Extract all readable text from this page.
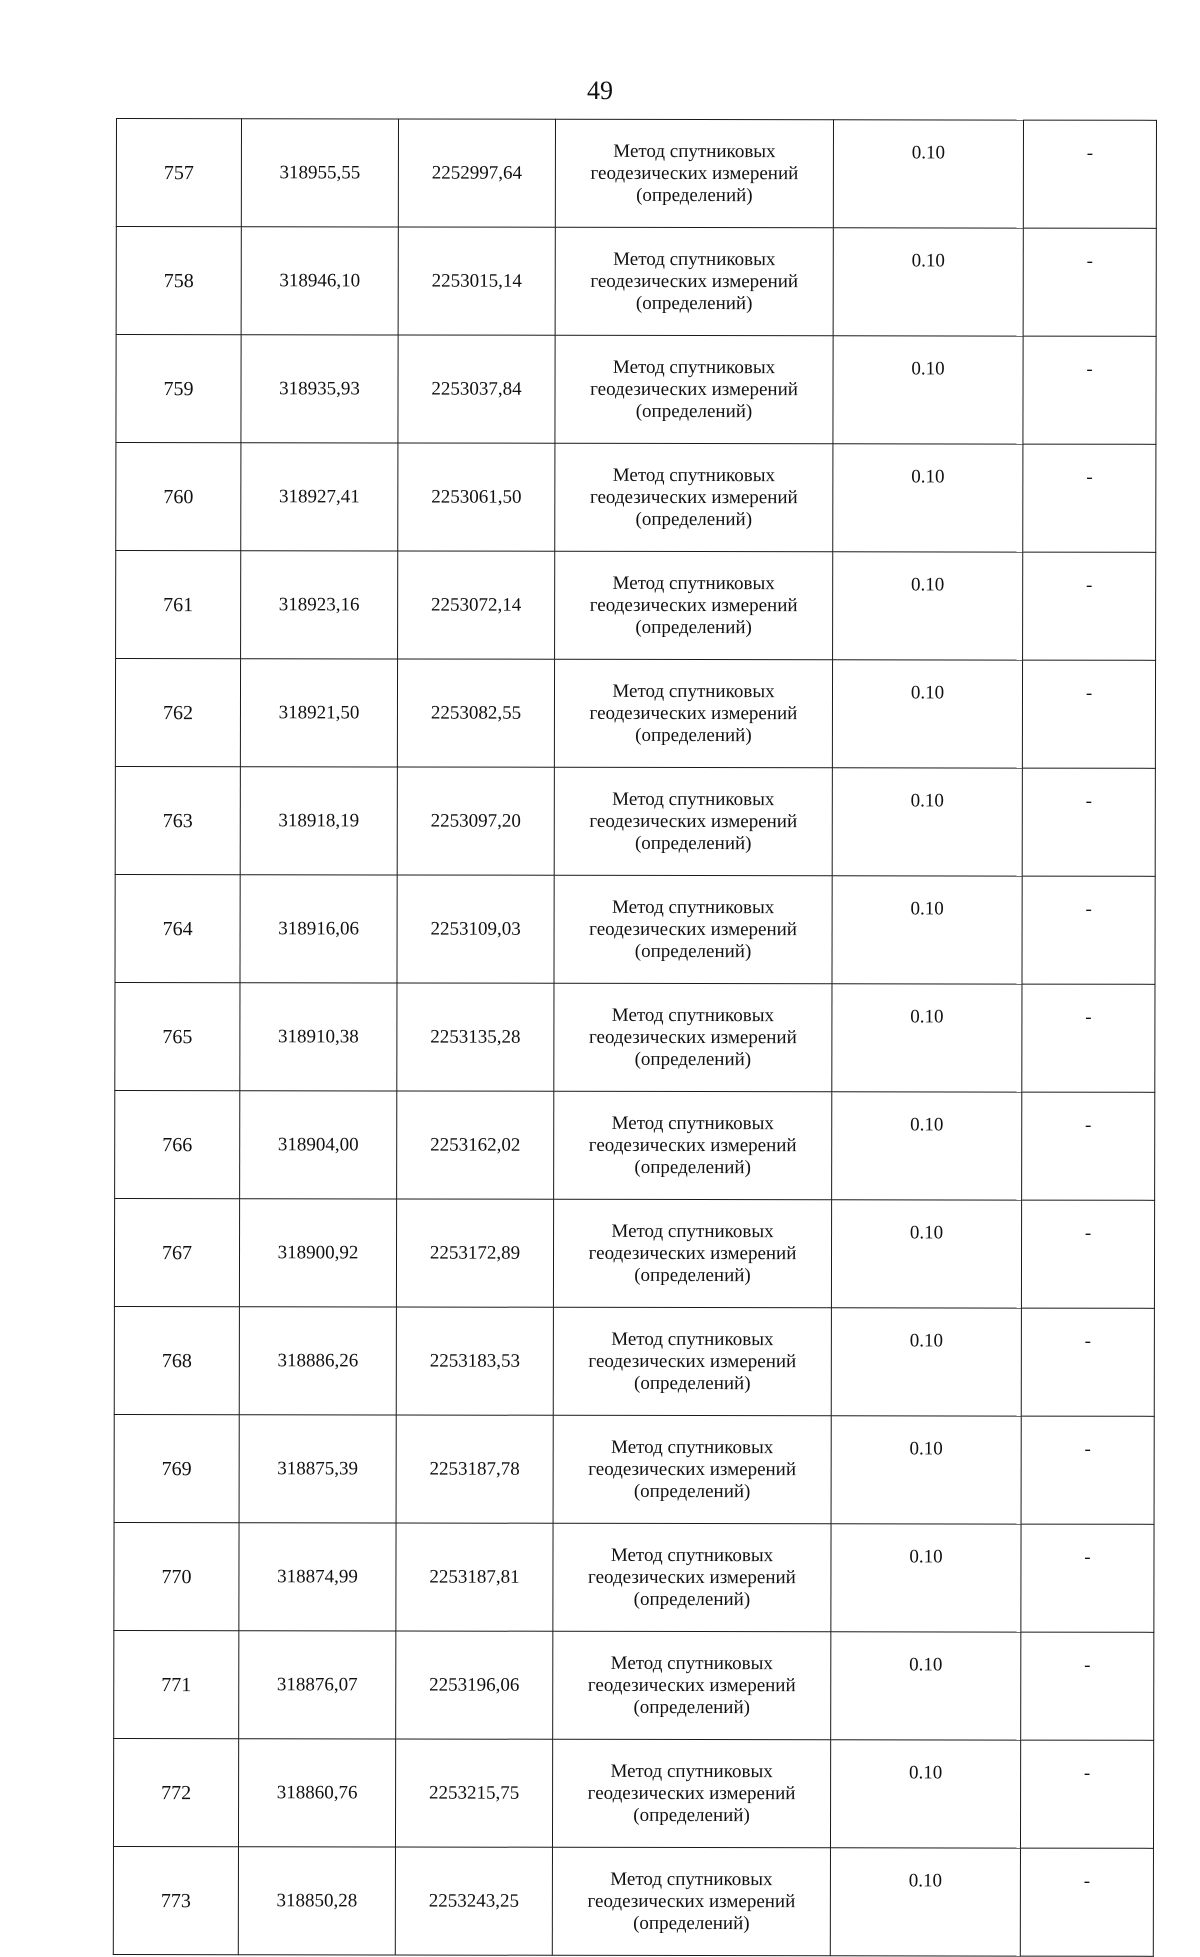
49
757	318955,55	2252997,64	Метод спутниковых
геодезических измерений
(определений)	0.10	-
758	318946,10	2253015,14	Метод спутниковых
геодезических измерений
(определений)	0.10	-
759	318935,93	2253037,84	Метод спутниковых
геодезических измерений
(определений)	0.10	-
760	318927,41	2253061,50	Метод спутниковых
геодезических измерений
(определений)	0.10	-
761	318923,16	2253072,14	Метод спутниковых
геодезических измерений
(определений)	0.10	-
762	318921,50	2253082,55	Метод спутниковых
геодезических измерений
(определений)	0.10	-
763	318918,19	2253097,20	Метод спутниковых
геодезических измерений
(определений)	0.10	-
764	318916,06	2253109,03	Метод спутниковых
геодезических измерений
(определений)	0.10	-
765	318910,38	2253135,28	Метод спутниковых
геодезических измерений
(определений)	0.10	-
766	318904,00	2253162,02	Метод спутниковых
геодезических измерений
(определений)	0.10	-
767	318900,92	2253172,89	Метод спутниковых
геодезических измерений
(определений)	0.10	-
768	318886,26	2253183,53	Метод спутниковых
геодезических измерений
(определений)	0.10	-
769	318875,39	2253187,78	Метод спутниковых
геодезических измерений
(определений)	0.10	-
770	318874,99	2253187,81	Метод спутниковых
геодезических измерений
(определений)	0.10	-
771	318876,07	2253196,06	Метод спутниковых
геодезических измерений
(определений)	0.10	-
772	318860,76	2253215,75	Метод спутниковых
геодезических измерений
(определений)	0.10	-
773	318850,28	2253243,25	Метод спутниковых
геодезических измерений
(определений)	0.10	-
